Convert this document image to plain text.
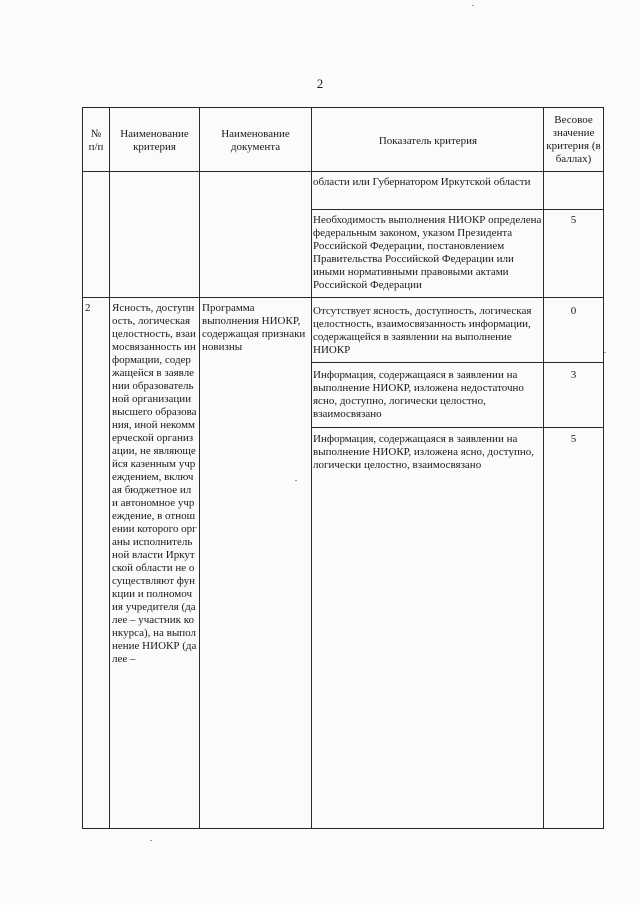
2
№ п/п
Наименование критерия
Наименование документа
Показатель критерия
Весовое значение критерия (в баллах)
области или Губернатором Иркутской области
Необходимость выполнения НИОКР определена федеральным законом, указом Президента Российской Федерации, постановлением Правительства Российской Федерации или иными нормативными правовыми актами Российской Федерации
5
2	Ясность, доступность, логическая целостность, взаимосвязанность информации, содержащейся в заявлении образовательной организации высшего образования, иной некоммерческой организации, не являющейся казенным учреждением, включая бюджетное или автономное учреждение, в отношении которого органы исполнительной власти Иркутской области не осуществляют функции и полномочия учредителя (далее – участник конкурса), на выполнение НИОКР (далее –
Программа выполнения НИОКР, содержащая признаки новизны
Отсутствует ясность, доступность, логическая целостность, взаимосвязанность информации, содержащейся в заявлении на выполнение НИОКР
0
Информация, содержащаяся в заявлении на выполнение НИОКР, изложена недостаточно ясно, доступно, логически целостно, взаимосвязано
3
Информация, содержащаяся в заявлении на выполнение НИОКР, изложена ясно, доступно, логически целостно, взаимосвязано
5
